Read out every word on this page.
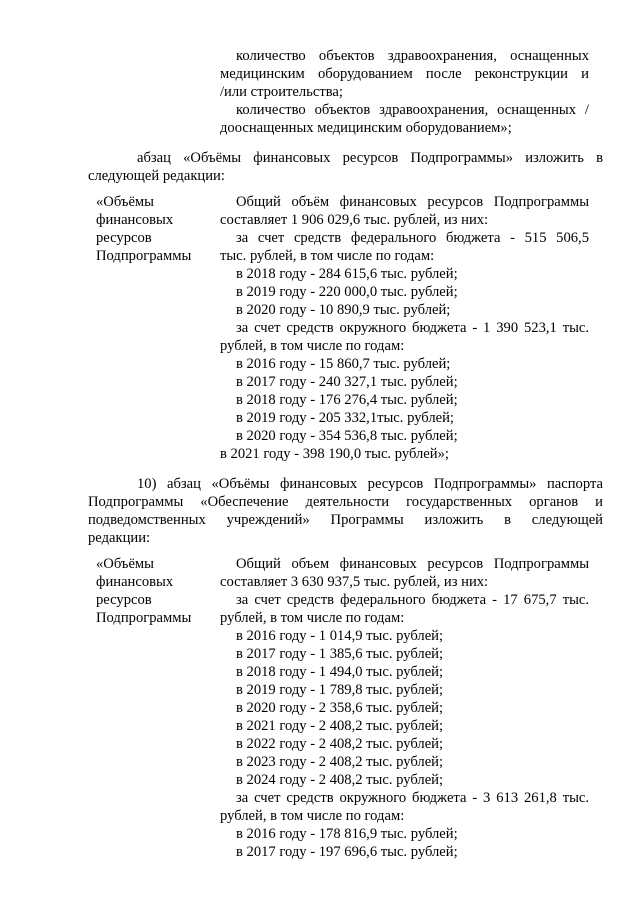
количество объектов здравоохранения, оснащенных
медицинским оборудованием после реконструкции и
/или строительства;
количество объектов здравоохранения, оснащенных /
дооснащенных медицинским оборудованием»;
абзац «Объёмы финансовых ресурсов Подпрограммы» изложить в
следующей редакции:
«Объёмы
финансовых
ресурсов
Подпрограммы
Общий объём финансовых ресурсов Подпрограммы
составляет 1 906 029,6 тыс. рублей, из них:
за счет средств федерального бюджета - 515 506,5
тыс. рублей, в том числе по годам:
в 2018 году - 284 615,6 тыс. рублей;
в 2019 году - 220 000,0 тыс. рублей;
в 2020 году - 10 890,9 тыс. рублей;
за счет средств окружного бюджета - 1 390 523,1 тыс.
рублей, в том числе по годам:
в 2016 году - 15 860,7 тыс. рублей;
в 2017 году - 240 327,1 тыс. рублей;
в 2018 году - 176 276,4 тыс. рублей;
в 2019 году - 205 332,1тыс. рублей;
в 2020 году - 354 536,8 тыс. рублей;
в 2021 году - 398 190,0 тыс. рублей»;
10) абзац «Объёмы финансовых ресурсов Подпрограммы» паспорта
Подпрограммы «Обеспечение деятельности государственных органов и
подведомственных учреждений» Программы изложить в следующей
редакции:
«Объёмы
финансовых
ресурсов
Подпрограммы
Общий объем финансовых ресурсов Подпрограммы
составляет 3 630 937,5 тыс. рублей, из них:
за счет средств федерального бюджета - 17 675,7 тыс.
рублей, в том числе по годам:
в 2016 году - 1 014,9 тыс. рублей;
в 2017 году - 1 385,6 тыс. рублей;
в 2018 году - 1 494,0 тыс. рублей;
в 2019 году - 1 789,8 тыс. рублей;
в 2020 году - 2 358,6 тыс. рублей;
в 2021 году - 2 408,2 тыс. рублей;
в 2022 году - 2 408,2 тыс. рублей;
в 2023 году - 2 408,2 тыс. рублей;
в 2024 году - 2 408,2 тыс. рублей;
за счет средств окружного бюджета - 3 613 261,8 тыс.
рублей, в том числе по годам:
в 2016 году - 178 816,9 тыс. рублей;
в 2017 году - 197 696,6 тыс. рублей;
